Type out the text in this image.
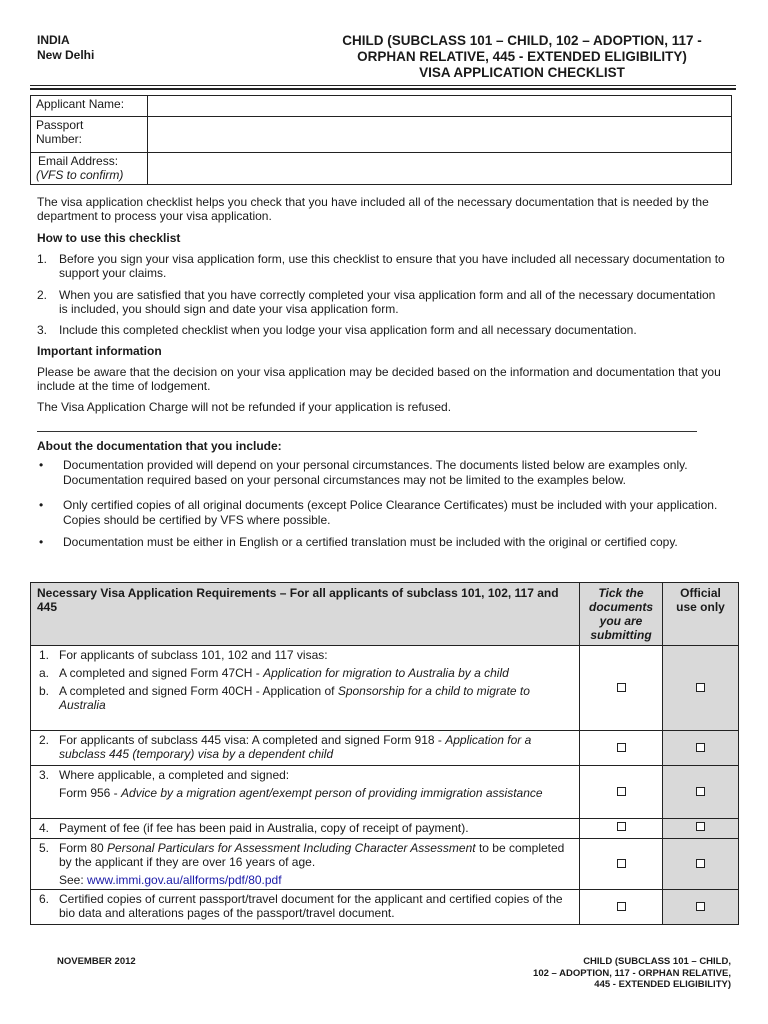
INDIA
New Delhi
CHILD (SUBCLASS 101 – CHILD, 102 – ADOPTION, 117 -
ORPHAN RELATIVE, 445 - EXTENDED ELIGIBILITY)
VISA APPLICATION CHECKLIST
Applicant Name:	

Passport
Number:	

Email Address:
(VFS to confirm)	

The visa application checklist helps you check that you have included all of the necessary documentation that is needed by the department to process your visa application.
How to use this checklist
1. Before you sign your visa application form, use this checklist to ensure that you have included all necessary documentation to support your claims.
2. When you are satisfied that you have correctly completed your visa application form and all of the necessary documentation is included, you should sign and date your visa application form.
3. Include this completed checklist when you lodge your visa application form and all necessary documentation.
Important information
Please be aware that the decision on your visa application may be decided based on the information and documentation that you include at the time of lodgement.
The Visa Application Charge will not be refunded if your application is refused.
About the documentation that you include:
• Documentation provided will depend on your personal circumstances. The documents listed below are examples only. Documentation required based on your personal circumstances may not be limited to the examples below.
• Only certified copies of all original documents (except Police Clearance Certificates) must be included with your application. Copies should be certified by VFS where possible.
• Documentation must be either in English or a certified translation must be included with the original or certified copy.
Necessary Visa Application Requirements – For all applicants of subclass 101, 102, 117 and 445	Tick the documents you are submitting	Official use only

1. For applicants of subclass 101, 102 and 117 visas:
a. A completed and signed Form 47CH - Application for migration to Australia by a child
b. A completed and signed Form 40CH - Application of Sponsorship for a child to migrate to Australia

2. For applicants of subclass 445 visa: A completed and signed Form 918 - Application for a subclass 445 (temporary) visa by a dependent child		

3. Where applicable, a completed and signed:
Form 956 - Advice by a migration agent/exempt person of providing immigration assistance		

4. Payment of fee (if fee has been paid in Australia, copy of receipt of payment).		

5. Form 80 Personal Particulars for Assessment Including Character Assessment to be completed by the applicant if they are over 16 years of age.
See: www.immi.gov.au/allforms/pdf/80.pdf		

6. Certified copies of current passport/travel document for the applicant and certified copies of the bio data and alterations pages of the passport/travel document.		

NOVEMBER 2012	CHILD (SUBCLASS 101 – CHILD,
102 – ADOPTION, 117 - ORPHAN RELATIVE,
445 - EXTENDED ELIGIBILITY)
